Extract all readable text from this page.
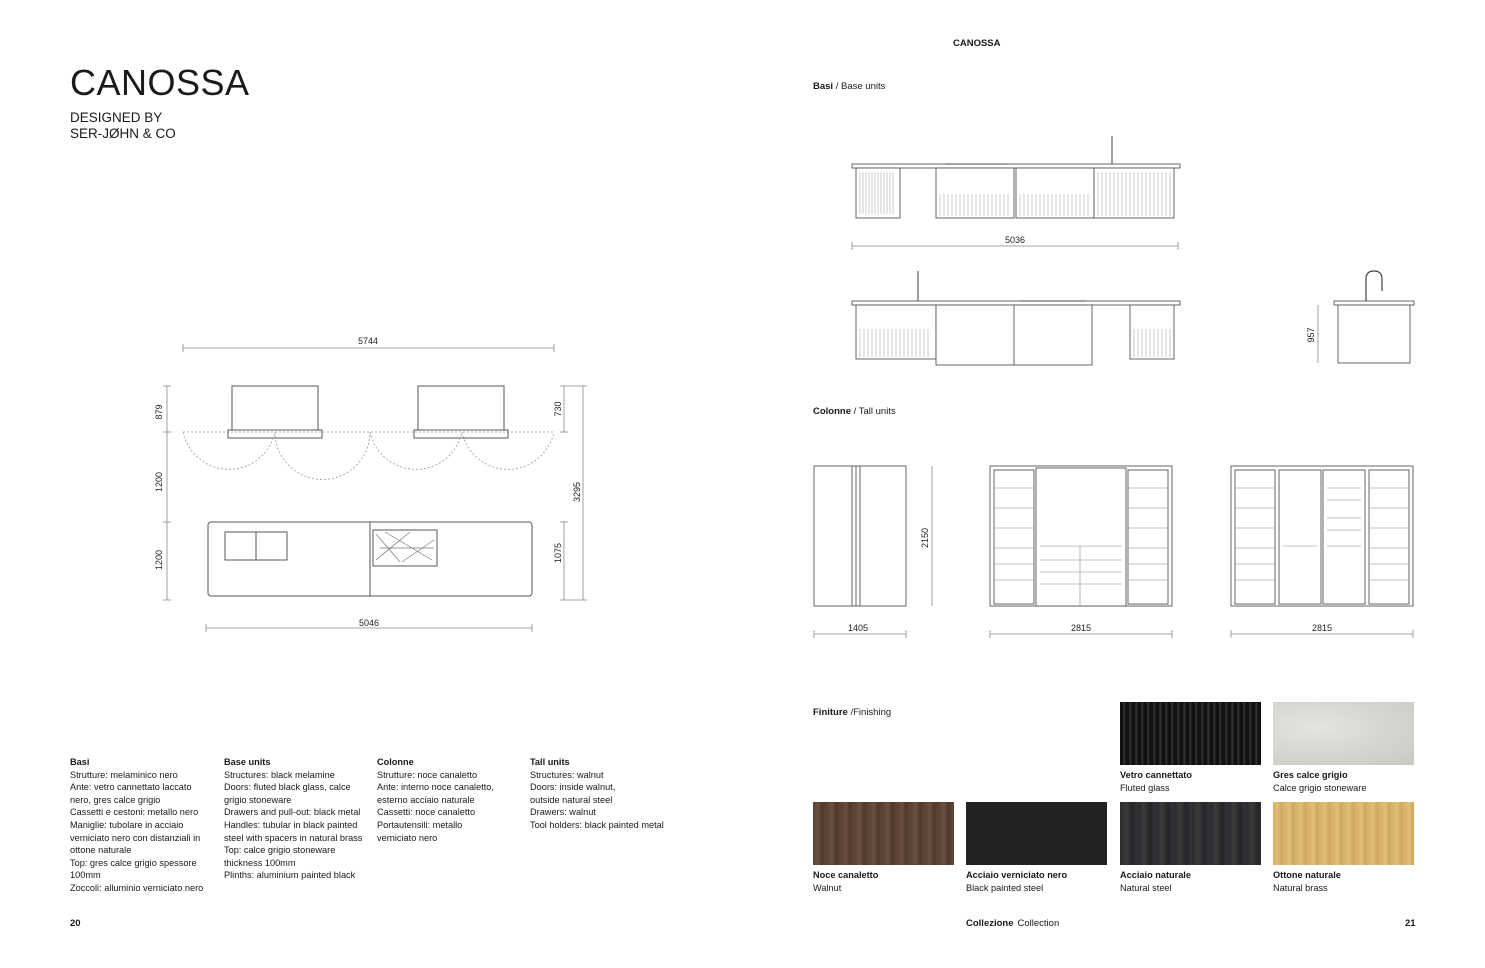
CANOSSA
DESIGNED BY
SER-JØHN & CO
5744
5046
879
1200
1200
730
3295
1075
Basi
Strutture: melaminico nero
Ante: vetro cannettato laccato
nero, gres calce grigio
Cassetti e cestoni: metallo nero
Maniglie: tubolare in acciaio
verniciato nero con distanziali in
ottone naturale
Top: gres calce grigio spessore
100mm
Zoccoli: alluminio verniciato nero
Base units
Structures: black melamine
Doors: fluted black glass, calce
grigio stoneware
Drawers and pull-out: black metal
Handles: tubular in black painted
steel with spacers in natural brass
Top: calce grigio stoneware
thickness 100mm
Plinths: aluminium painted black
Colonne
Strutture: noce canaletto
Ante: interno noce canaletto,
esterno acciaio naturale
Cassetti: noce canaletto
Portautensili: metallo
verniciato nero
Tall units
Structures: walnut
Doors: inside walnut,
outside natural steel
Drawers: walnut
Tool holders: black painted metal
20
CANOSSA
Basi / Base units
5036
957
Colonne / Tall units
2150
1405	2815	2815
Finiture /Finishing
Vetro cannettato
Fluted glass
Gres calce grigio
Calce grigio stoneware
Noce canaletto
Walnut
Acciaio verniciato nero
Black painted steel
Acciaio naturale
Natural steel
Ottone naturale
Natural brass
Collezione Collection	21
